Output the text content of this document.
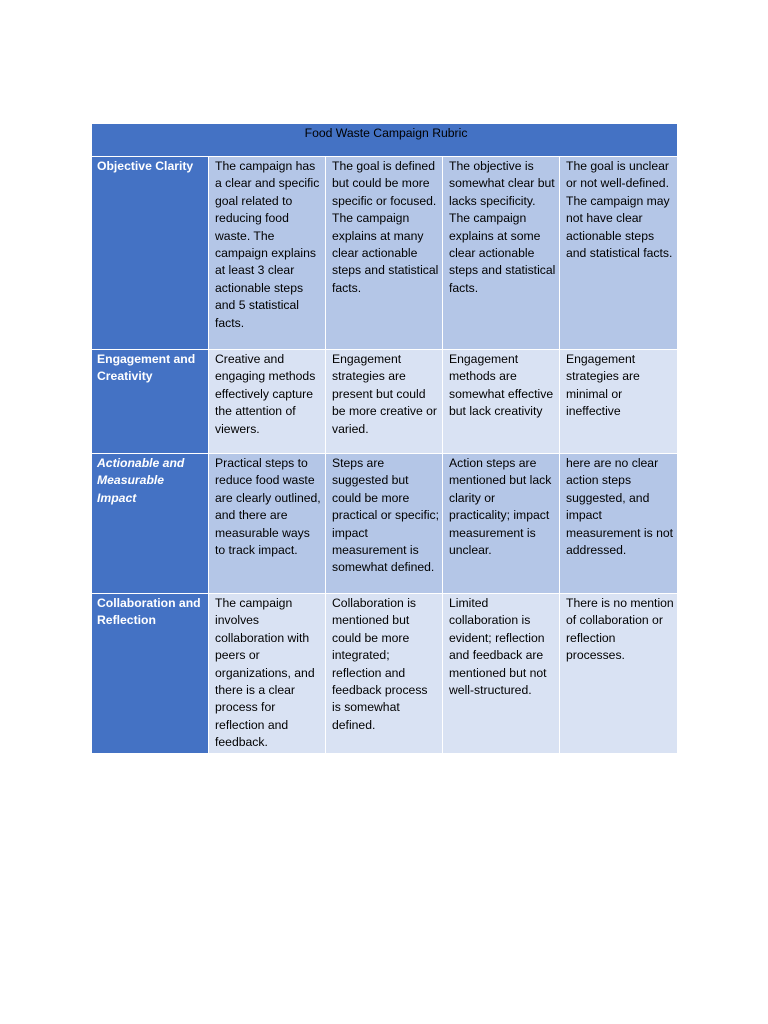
Food Waste Campaign Rubric				
Objective Clarity	The campaign has a clear and specific goal related to reducing food waste. The campaign explains at least 3 clear actionable steps and 5 statistical facts.	The goal is defined but could be more specific or focused. The campaign explains at many clear actionable steps and statistical facts.	The objective is somewhat clear but lacks specificity. The campaign explains at some clear actionable steps and statistical facts.	The goal is unclear or not well-defined. The campaign may not have clear actionable steps and statistical facts.
Engagement and Creativity	Creative and engaging methods effectively capture the attention of viewers.	Engagement strategies are present but could be more creative or varied.	Engagement methods are somewhat effective but lack creativity	Engagement strategies are minimal or ineffective
Actionable and Measurable Impact	Practical steps to reduce food waste are clearly outlined, and there are measurable ways to track impact.	Steps are suggested but could be more practical or specific; impact measurement is somewhat defined.	Action steps are mentioned but lack clarity or practicality; impact measurement is unclear.	here are no clear action steps suggested, and impact measurement is not addressed.
Collaboration and Reflection	The campaign involves collaboration with peers or organizations, and there is a clear process for reflection and feedback.	Collaboration is mentioned but could be more integrated; reflection and feedback process is somewhat defined.	Limited collaboration is evident; reflection and feedback are mentioned but not well-structured.	There is no mention of collaboration or reflection processes.
